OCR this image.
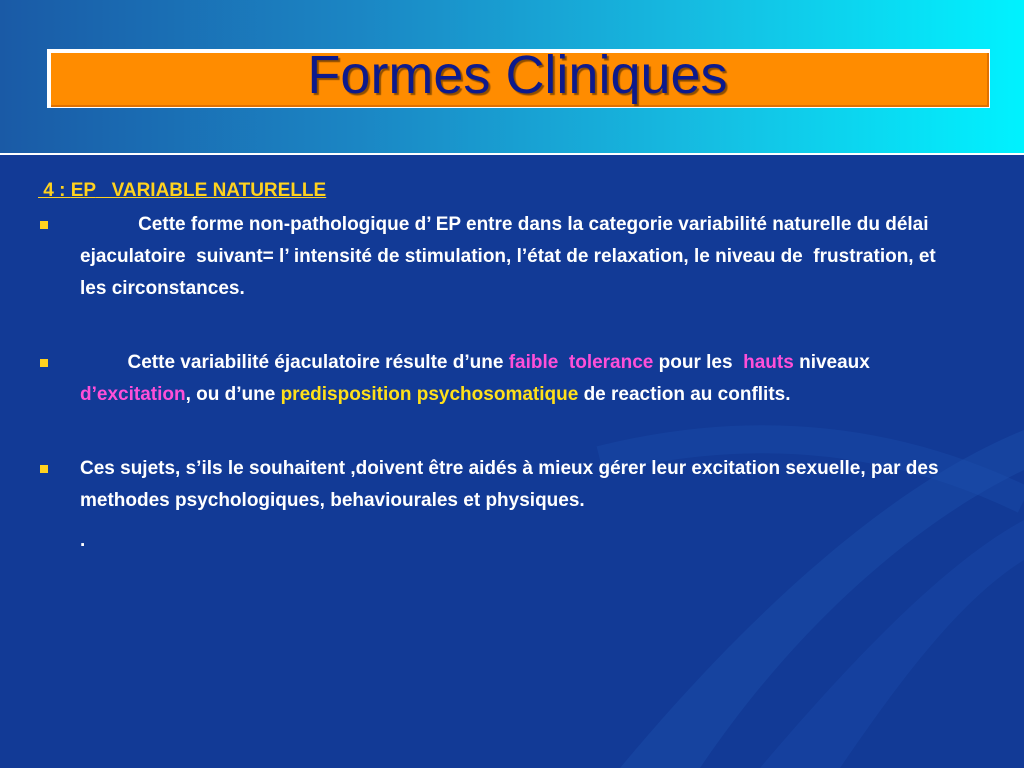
Formes Cliniques
4 : EP   VARIABLE NATURELLE
Cette forme non-pathologique d’ EP entre dans la categorie variabilité naturelle du délai  ejaculatoire  suivant= l’ intensité de stimulation, l’état de relaxation, le niveau de  frustration, et les circonstances.
Cette variabilité éjaculatoire résulte d’une faible  tolerance pour les  hauts niveaux d’excitation, ou d’une predisposition psychosomatique de reaction au conflits.
Ces sujets, s’ils le souhaitent ,doivent être aidés à mieux gérer leur excitation sexuelle, par des methodes psychologiques, behaviourales et physiques.
.
